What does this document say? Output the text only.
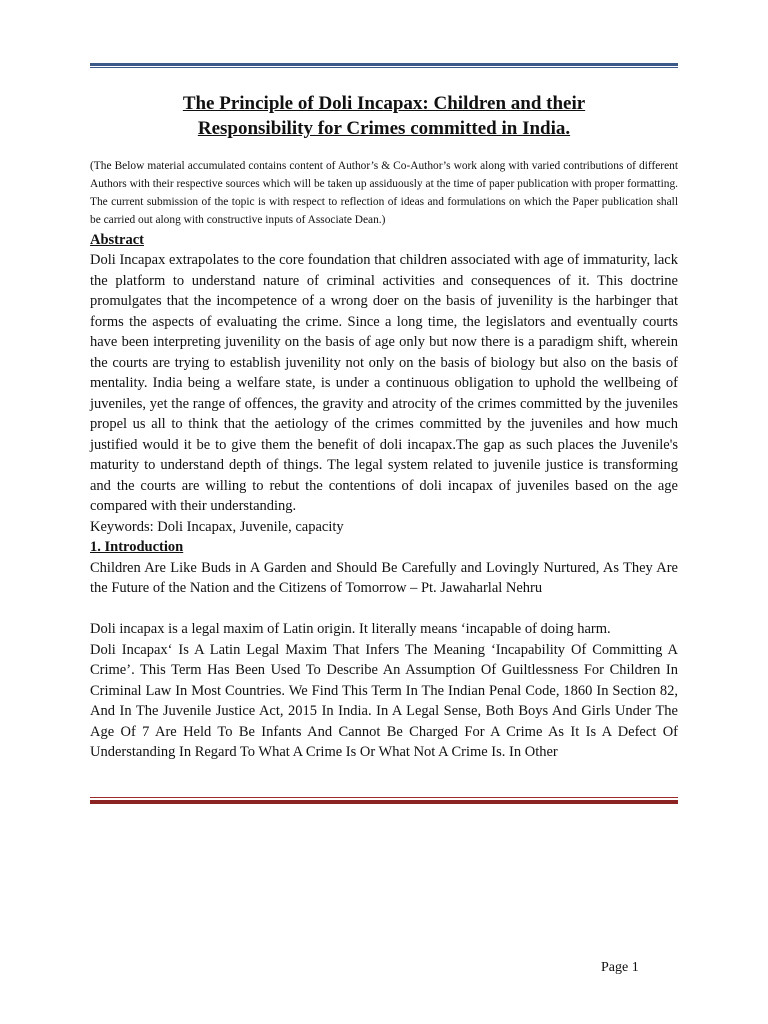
The Principle of Doli Incapax: Children and their
Responsibility for Crimes committed in India.

(The Below material accumulated contains content of Author’s & Co-Author’s work along with varied contributions of different Authors with their respective sources which will be taken up assiduously at the time of paper publication with proper formatting. The current submission of the topic is with respect to reflection of ideas and formulations on which the Paper publication shall be carried out along with constructive inputs of Associate Dean.)

Abstract

Doli Incapax extrapolates to the core foundation that children associated with age of immaturity, lack the platform to understand nature of criminal activities and consequences of it. This doctrine promulgates that the incompetence of a wrong doer on the basis of juvenility is the harbinger that forms the aspects of evaluating the crime. Since a long time, the legislators and eventually courts have been interpreting juvenility on the basis of age only but now there is a paradigm shift, wherein the courts are trying to establish juvenility not only on the basis of biology but also on the basis of mentality. India being a welfare state, is under a continuous obligation to uphold the wellbeing of juveniles, yet the range of offences, the gravity and atrocity of the crimes committed by the juveniles propel us all to think that the aetiology of the crimes committed by the juveniles and how much justified would it be to give them the benefit of doli incapax.The gap as such places the Juvenile's maturity to understand depth of things. The legal system related to juvenile justice is transforming and the courts are willing to rebut the contentions of doli incapax of juveniles based on the age compared with their understanding.

Keywords: Doli Incapax, Juvenile, capacity

1. Introduction

Children Are Like Buds in A Garden and Should Be Carefully and Lovingly Nurtured, As They Are the Future of the Nation and the Citizens of Tomorrow – Pt. Jawaharlal Nehru

Doli incapax is a legal maxim of Latin origin. It literally means ‘incapable of doing harm.

Doli Incapax‘ Is A Latin Legal Maxim That Infers The Meaning ‘Incapability Of Committing A Crime’. This Term Has Been Used To Describe An Assumption Of Guiltlessness For Children In Criminal Law In Most Countries. We Find This Term In The Indian Penal Code, 1860 In Section 82, And In The Juvenile Justice Act, 2015 In India. In A Legal Sense, Both Boys And Girls Under The Age Of 7 Are Held To Be Infants And Cannot Be Charged For A Crime As It Is A Defect Of Understanding In Regard To What A Crime Is Or What Not A Crime Is. In Other

Page 1
